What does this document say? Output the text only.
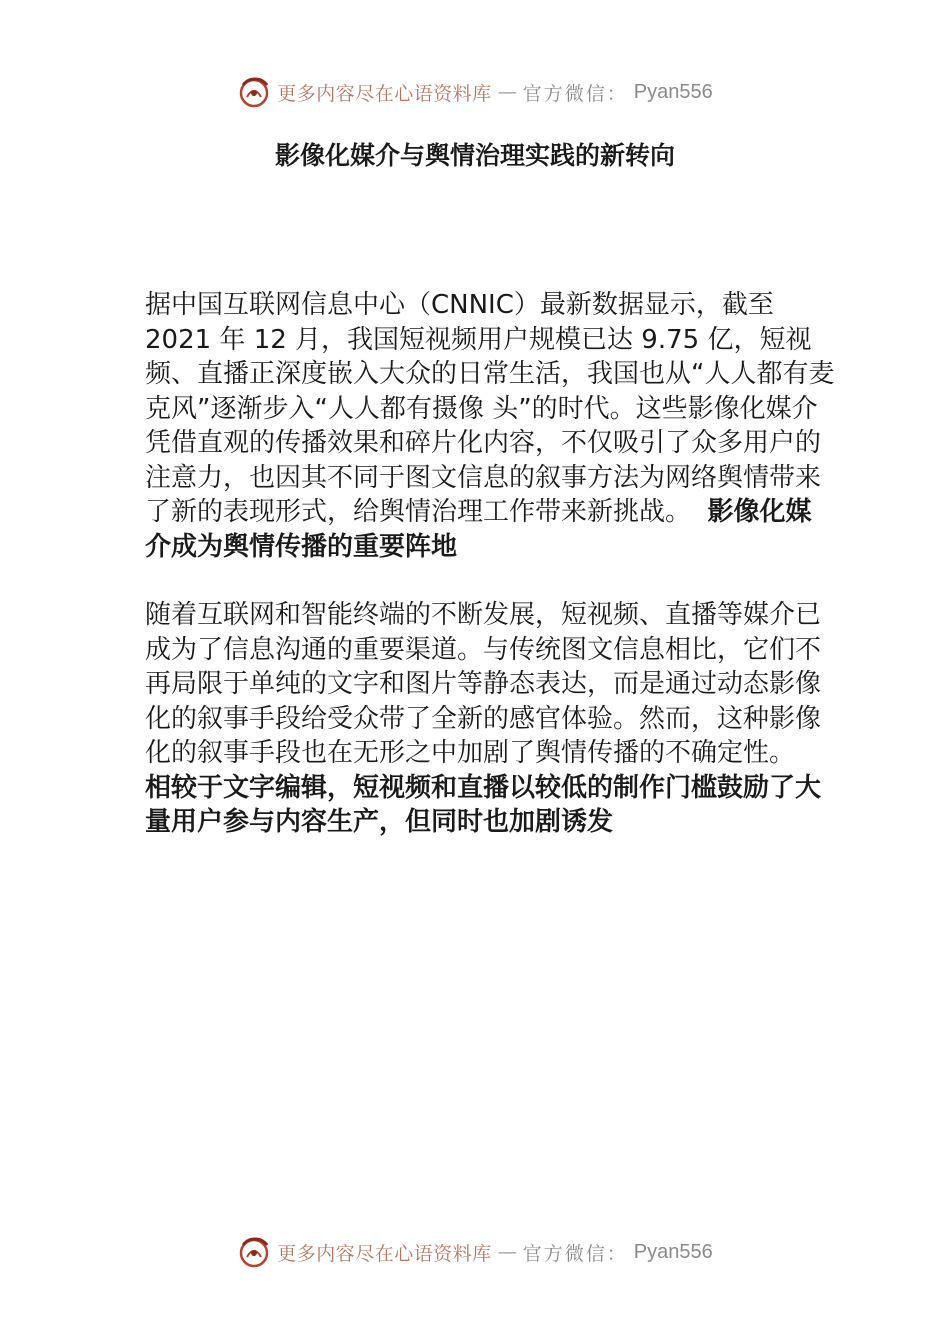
更多内容尽在心语资料库 — 官方微信： Pyan556
影像化媒介与舆情治理实践的新转向

据中国互联网信息中心（CNNIC）最新数据显示，截至 2021 年 12 月，我国短视频用户规模已达 9.75 亿，短视频、直播正深度嵌入大众的日常生活，我国也从“人人都有麦克风”逐渐步入“人人都有摄像 头”的时代。这些影像化媒介凭借直观的传播效果和碎片化内容，不仅吸引了众多用户的注意力，也因其不同于图文信息的叙事方法为网络舆情带来 了新的表现形式，给舆情治理工作带来新挑战。 影像化媒介成为舆情传播的重要阵地

随着互联网和智能终端的不断发展，短视频、直播等媒介已成为了信息沟通的重要渠道。与传统图文信息相比，它们不再局限于单纯的文字和图片等静态表达，而是通过动态影像化的叙事手段给受众带了全新的感官体验。然而，这种影像化的叙事手段也在无形之中加剧了舆情传播的不确定性。

相较于文字编辑，短视频和直播以较低的制作门槛鼓励了大量用户参与内容生产，但同时也加剧诱发

更多内容尽在心语资料库 — 官方微信： Pyan556
